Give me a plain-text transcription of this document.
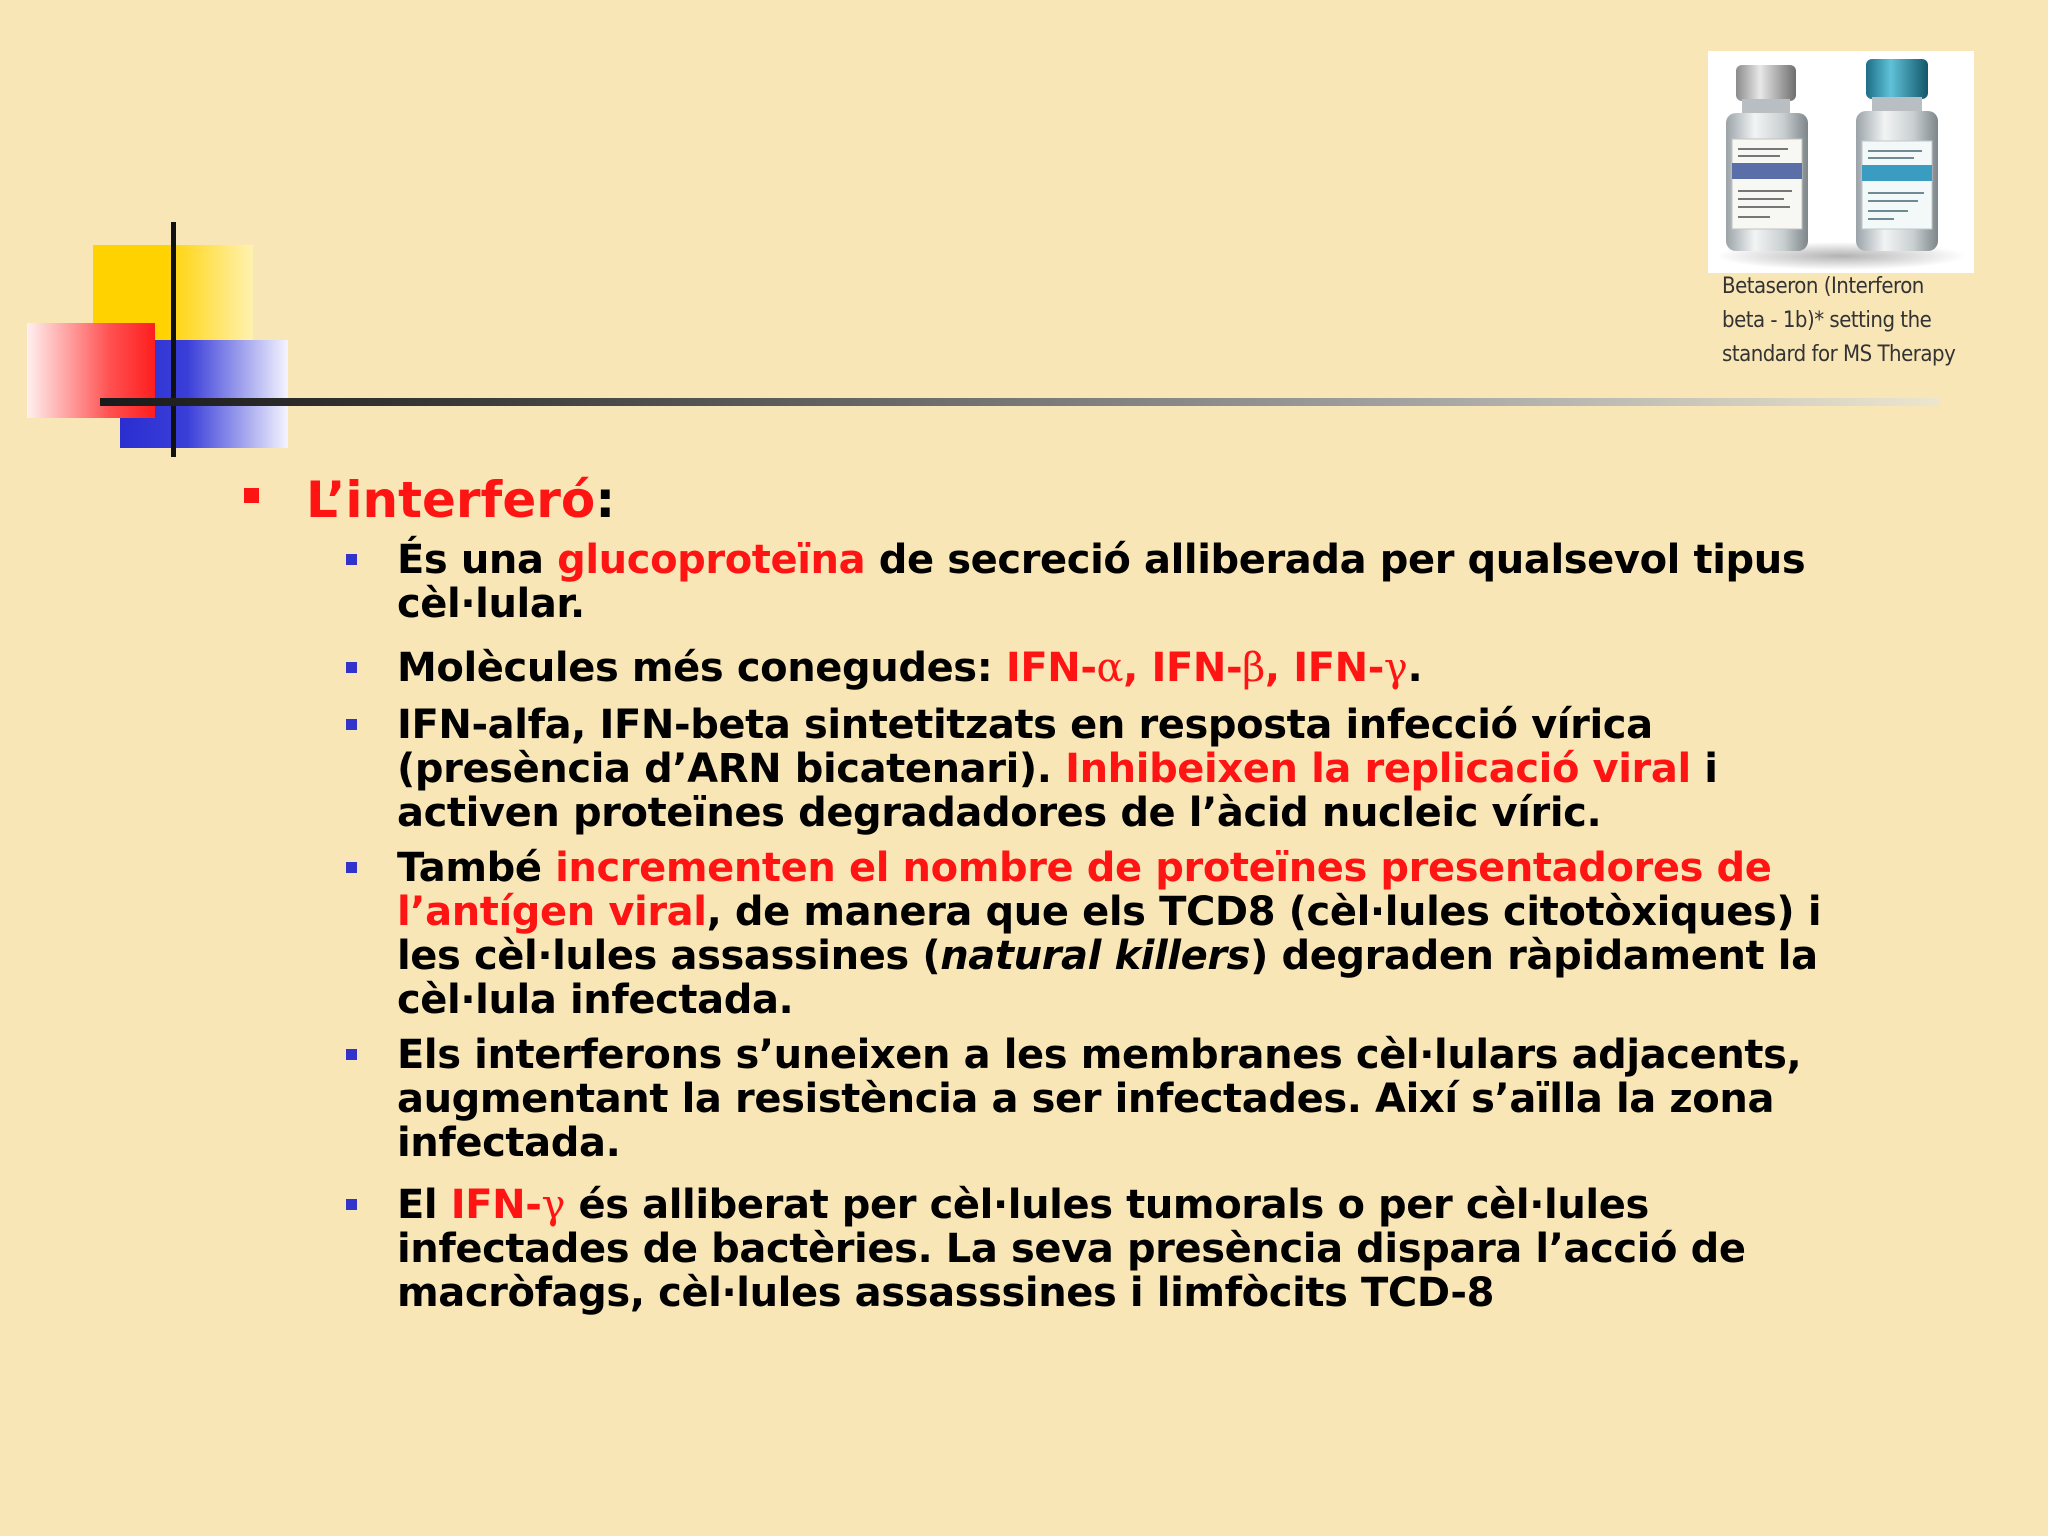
Betaseron (Interferon
beta - 1b)* setting the
standard for MS Therapy
L’interferó:
És una glucoproteïna de secreció alliberada per qualsevol tipus cèl·lular.
Molècules més conegudes: IFN-α, IFN-β, IFN-γ.
IFN-alfa, IFN-beta sintetitzats en resposta infecció vírica (presència d’ARN bicatenari). Inhibeixen la replicació viral i activen proteïnes degradadores de l’àcid nucleic víric.
També incrementen el nombre de proteïnes presentadores de l’antígen viral, de manera que els TCD8 (cèl·lules citotòxiques) i les cèl·lules assassines (natural killers) degraden ràpidament la cèl·lula infectada.
Els interferons s’uneixen a les membranes cèl·lulars adjacents, augmentant la resistència a ser infectades. Així s’aïlla la zona infectada.
El IFN-γ és alliberat per cèl·lules tumorals o per cèl·lules infectades de bactèries. La seva presència dispara l’acció de macròfags, cèl·lules assasssines i limfòcits TCD-8
